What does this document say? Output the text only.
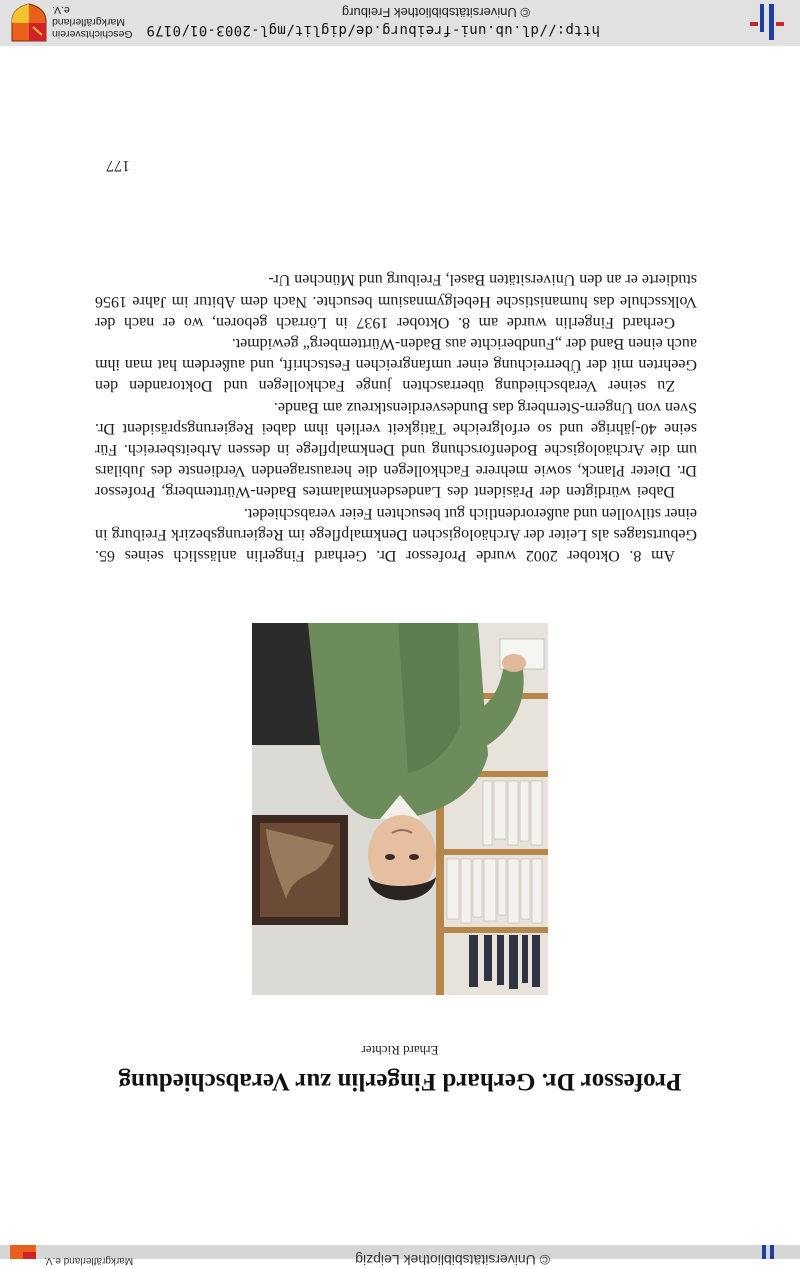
© Universitätsbibliothek Leipzig
Markgräflerland e.V.
Professor Dr. Gerhard Fingerlin zur Verabschiedung
Erhard Richter

Am 8. Oktober 2002 wurde Professor Dr. Gerhard Fingerlin anlässlich seines 65. Geburtstages als Leiter der Archäologischen Denkmalpflege im Regierungsbezirk Freiburg in einer stilvollen und außerordentlich gut besuchten Feier verabschiedet.

Dabei würdigten der Präsident des Landesdenkmalamtes Baden-Württemberg, Professor Dr. Dieter Planck, sowie mehrere Fachkollegen die herausragenden Verdienste des Jubilars um die Archäologische Bodenforschung und Denkmalpflege in dessen Arbeitsbereich. Für seine 40-jährige und so erfolgreiche Tätigkeit verlieh ihm dabei Regierungspräsident Dr. Sven von Ungern-Sternberg das Bundesverdienstkreuz am Bande.

Zu seiner Verabschiedung überraschten junge Fachkollegen und Doktoranden den Geehrten mit der Überreichung einer umfangreichen Festschrift, und außerdem hat man ihm auch einen Band der „Fundberichte aus Baden-Württemberg“ gewidmet.

Gerhard Fingerlin wurde am 8. Oktober 1937 in Lörrach geboren, wo er nach der Volksschule das humanistische Hebelgymnasium besuchte. Nach dem Abitur im Jahre 1956 studierte er an den Universitäten Basel, Freiburg und München Ur-

177
http://dl.ub.uni-freiburg.de/diglit/mgl-2003-01/0179
© Universitätsbibliothek Freiburg
Geschichtsverein
Markgräflerland e.V.
